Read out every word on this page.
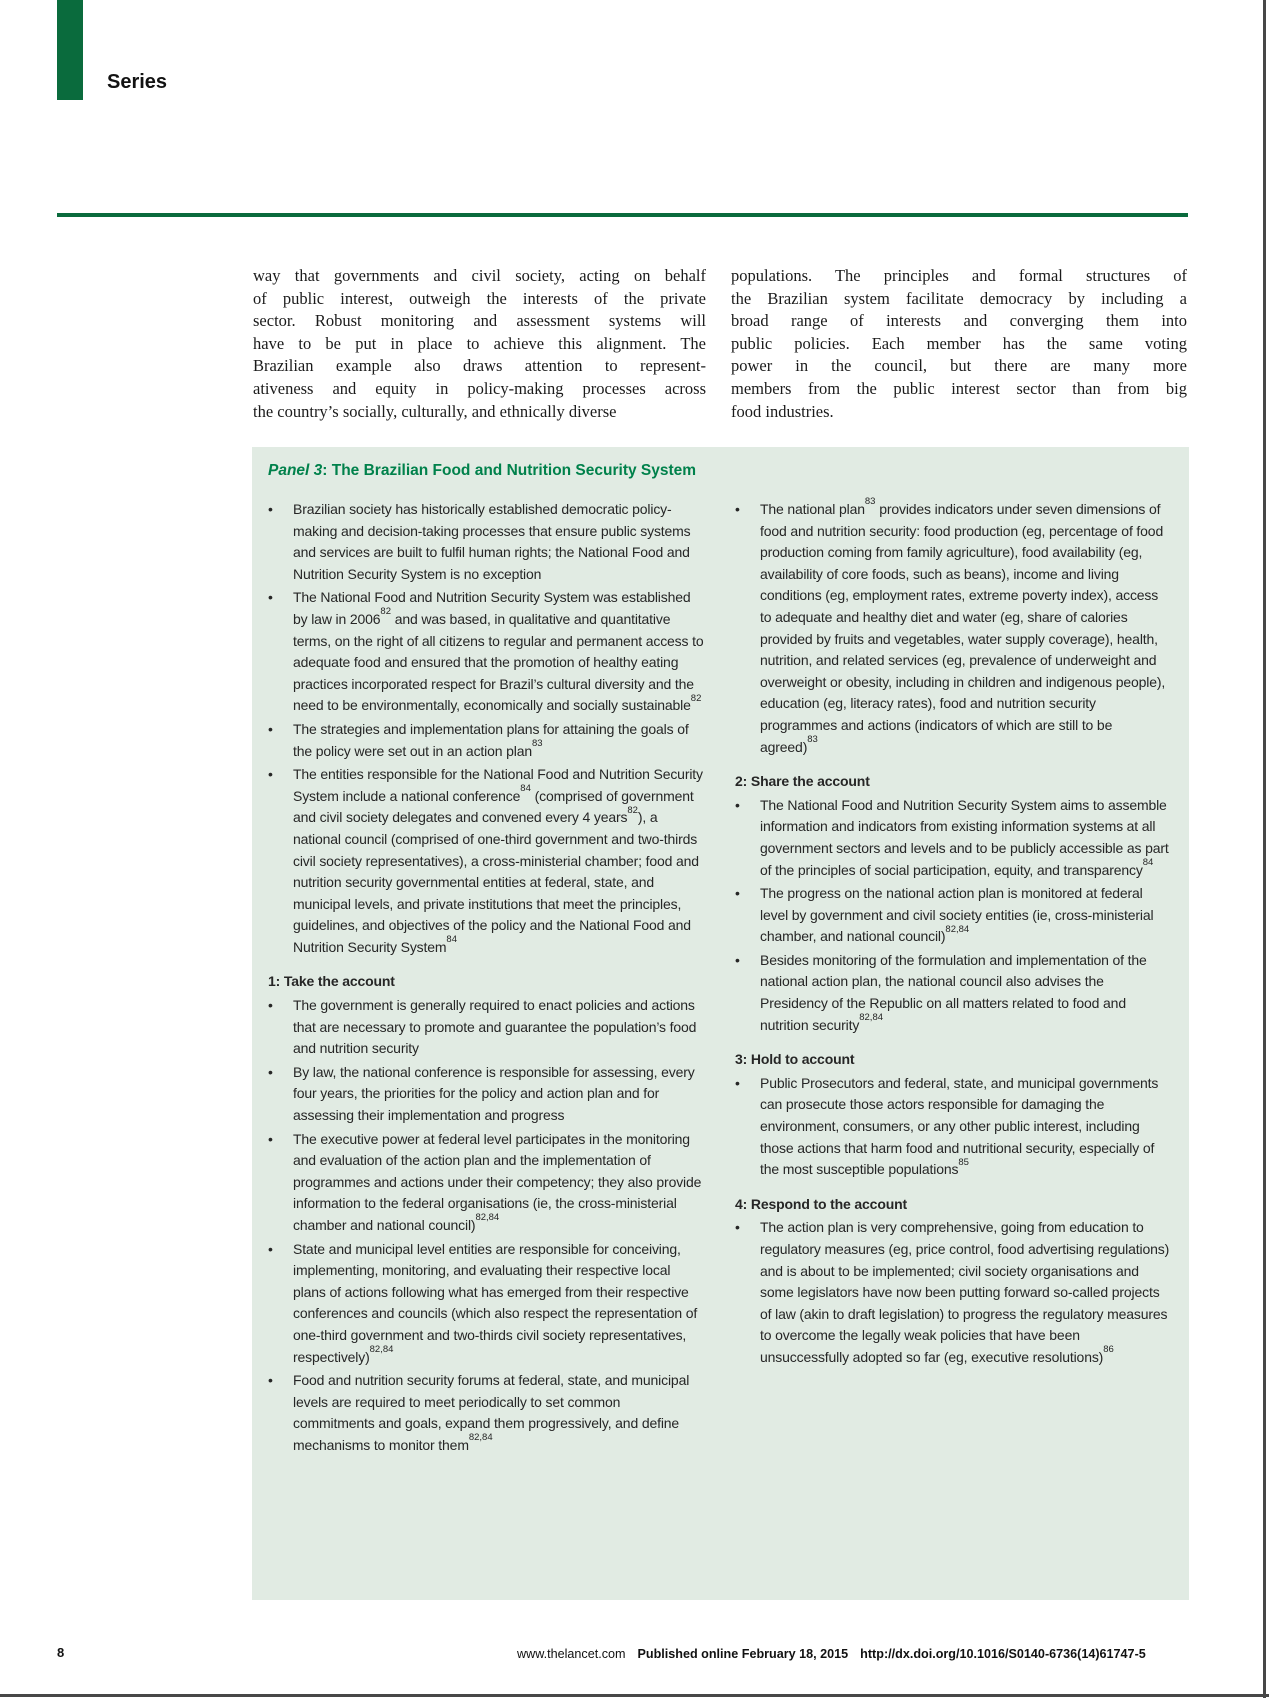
Series
way that governments and civil society, acting on behalf
of public interest, outweigh the interests of the private
sector. Robust monitoring and assessment systems will
have to be put in place to achieve this alignment. The
Brazilian example also draws attention to represent-
ativeness and equity in policy-making processes across
the country’s socially, culturally, and ethnically diverse
populations. The principles and formal structures of
the Brazilian system facilitate democracy by including a
broad range of interests and converging them into
public policies. Each member has the same voting
power in the council, but there are many more
members from the public interest sector than from big
food industries.
Panel 3: The Brazilian Food and Nutrition Security System
•	Brazilian society has historically established democratic policy-making and decision-taking processes that ensure public systems and services are built to fulfil human rights; the National Food and Nutrition Security System is no exception
•	The National Food and Nutrition Security System was established by law in 2006$^{82}$ and was based, in qualitative and quantitative terms, on the right of all citizens to regular and permanent access to adequate food and ensured that the promotion of healthy eating practices incorporated respect for Brazil’s cultural diversity and the need to be environmentally, economically and socially sustainable$^{82}$
•	The strategies and implementation plans for attaining the goals of the policy were set out in an action plan$^{83}$
•	The entities responsible for the National Food and Nutrition Security System include a national conference$^{84}$ (comprised of government and civil society delegates and convened every 4 years$^{82}$), a national council (comprised of one-third government and two-thirds civil society representatives), a cross-ministerial chamber; food and nutrition security governmental entities at federal, state, and municipal levels, and private institutions that meet the principles, guidelines, and objectives of the policy and the National Food and Nutrition Security System$^{84}$
1: Take the account
•	The government is generally required to enact policies and actions that are necessary to promote and guarantee the population’s food and nutrition security
•	By law, the national conference is responsible for assessing, every four years, the priorities for the policy and action plan and for assessing their implementation and progress
•	The executive power at federal level participates in the monitoring and evaluation of the action plan and the implementation of programmes and actions under their competency; they also provide information to the federal organisations (ie, the cross-ministerial chamber and national council)$^{82,84}$
•	State and municipal level entities are responsible for conceiving, implementing, monitoring, and evaluating their respective local plans of actions following what has emerged from their respective conferences and councils (which also respect the representation of one-third government and two-thirds civil society representatives, respectively)$^{82,84}$
•	Food and nutrition security forums at federal, state, and municipal levels are required to meet periodically to set common commitments and goals, expand them progressively, and define mechanisms to monitor them$^{82,84}$
•	The national plan$^{83}$ provides indicators under seven dimensions of food and nutrition security: food production (eg, percentage of food production coming from family agriculture), food availability (eg, availability of core foods, such as beans), income and living conditions (eg, employment rates, extreme poverty index), access to adequate and healthy diet and water (eg, share of calories provided by fruits and vegetables, water supply coverage), health, nutrition, and related services (eg, prevalence of underweight and overweight or obesity, including in children and indigenous people), education (eg, literacy rates), food and nutrition security programmes and actions (indicators of which are still to be agreed)$^{83}$
2: Share the account
•	The National Food and Nutrition Security System aims to assemble information and indicators from existing information systems at all government sectors and levels and to be publicly accessible as part of the principles of social participation, equity, and transparency$^{84}$
•	The progress on the national action plan is monitored at federal level by government and civil society entities (ie, cross-ministerial chamber, and national council)$^{82,84}$
•	Besides monitoring of the formulation and implementation of the national action plan, the national council also advises the Presidency of the Republic on all matters related to food and nutrition security$^{82,84}$
3: Hold to account
•	Public Prosecutors and federal, state, and municipal governments can prosecute those actors responsible for damaging the environment, consumers, or any other public interest, including those actions that harm food and nutritional security, especially of the most susceptible populations$^{85}$
4: Respond to the account
•	The action plan is very comprehensive, going from education to regulatory measures (eg, price control, food advertising regulations) and is about to be implemented; civil society organisations and some legislators have now been putting forward so-called projects of law (akin to draft legislation) to progress the regulatory measures to overcome the legally weak policies that have been unsuccessfully adopted so far (eg, executive resolutions)$^{86}$
8	www.thelancet.com Published online February 18, 2015 http://dx.doi.org/10.1016/S0140-6736(14)61747-5
